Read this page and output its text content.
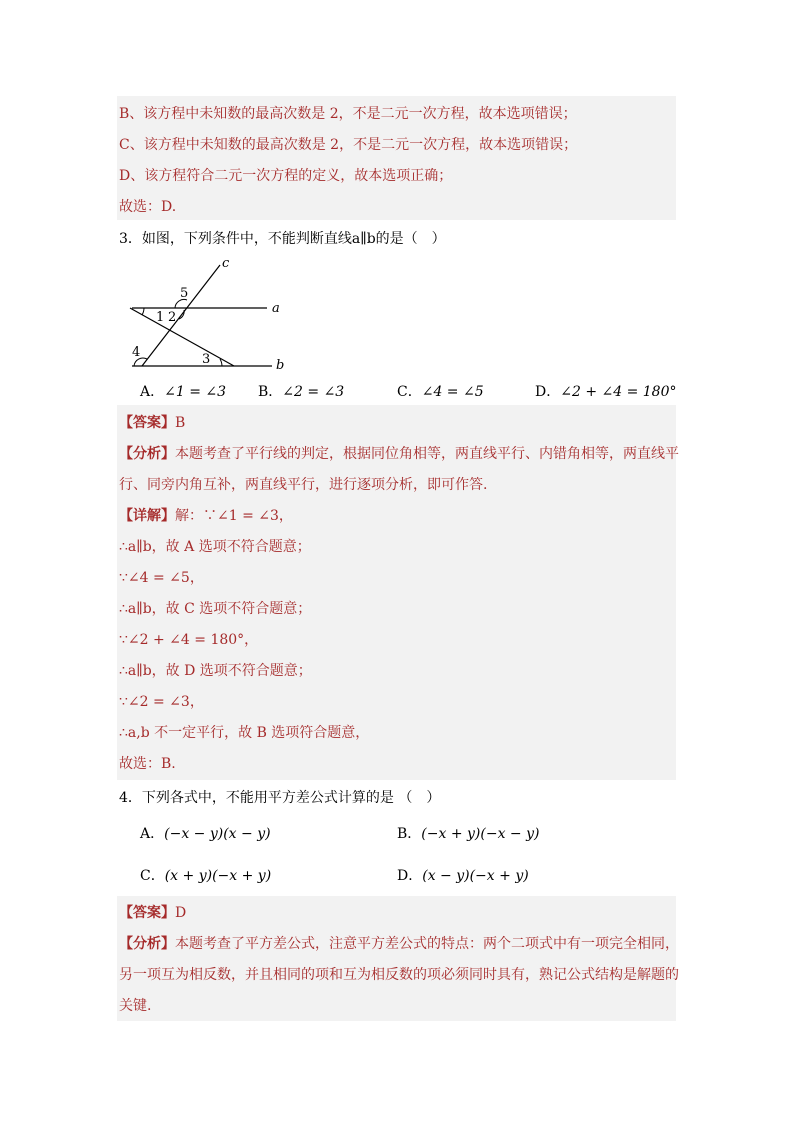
B、该方程中未知数的最高次数是 2，不是二元一次方程，故本选项错误；
C、该方程中未知数的最高次数是 2，不是二元一次方程，故本选项错误；
D、该方程符合二元一次方程的定义，故本选项正确；
故选：D.
3．如图，下列条件中，不能判断直线a∥b的是（　）
c
a
b
5
1 2
4	3
A．∠1 = ∠3 B．∠2 = ∠3	C．∠4 = ∠5	D．∠2 + ∠4 = 180°
【答案】B
【分析】本题考查了平行线的判定，根据同位角相等，两直线平行、内错角相等，两直线平
行、同旁内角互补，两直线平行，进行逐项分析，即可作答.
【详解】解：∵∠1 = ∠3，
∴a∥b，故 A 选项不符合题意；
∵∠4 = ∠5，
∴a∥b，故 C 选项不符合题意；
∵∠2 + ∠4 = 180°，
∴a∥b，故 D 选项不符合题意；
∵∠2 = ∠3，
∴a,b 不一定平行，故 B 选项符合题意，
故选：B.
4．下列各式中，不能用平方差公式计算的是 （　）
A．(−x − y)(x − y)	B．(−x + y)(−x − y)
C．(x + y)(−x + y)	D．(x − y)(−x + y)
【答案】D
【分析】本题考查了平方差公式，注意平方差公式的特点：两个二项式中有一项完全相同，
另一项互为相反数，并且相同的项和互为相反数的项必须同时具有，熟记公式结构是解题的
关键.
